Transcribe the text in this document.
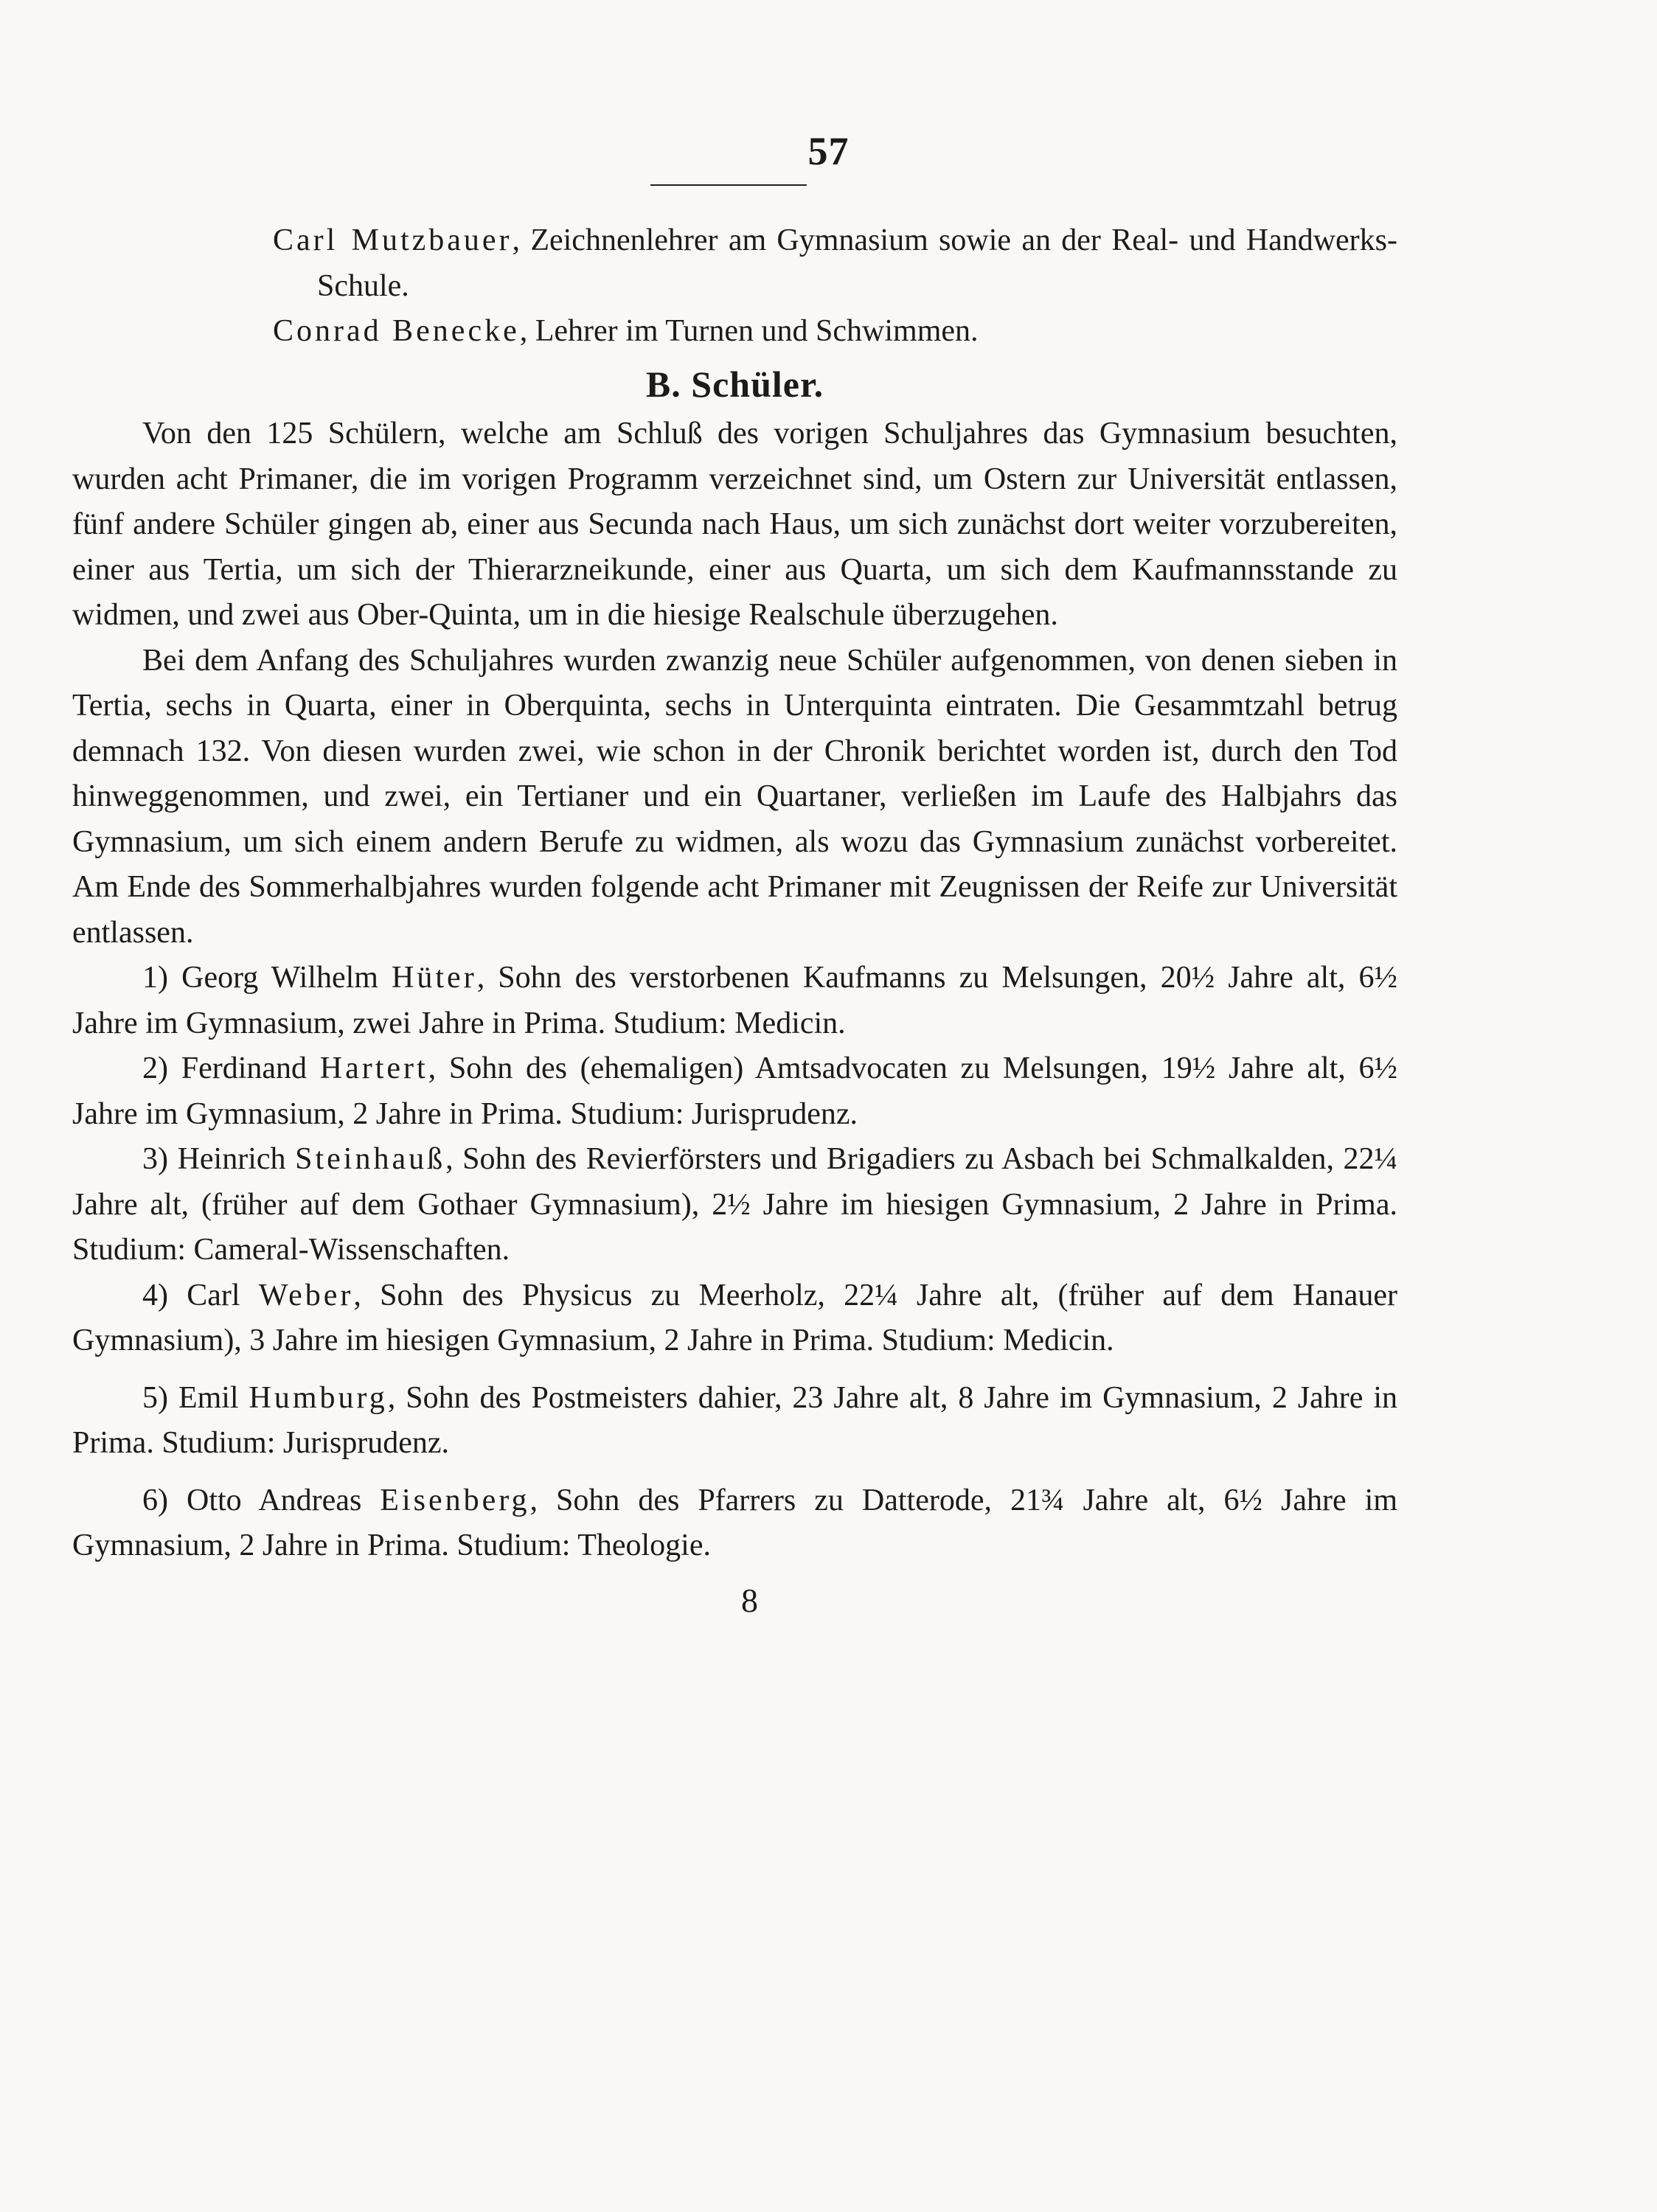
57

Carl Mutzbauer, Zeichnenlehrer am Gymnasium sowie an der Real- und Handwerks-Schule.

Conrad Benecke, Lehrer im Turnen und Schwimmen.

B. Schüler.

Von den 125 Schülern, welche am Schluß des vorigen Schuljahres das Gymnasium besuchten, wurden acht Primaner, die im vorigen Programm verzeichnet sind, um Ostern zur Universität entlassen, fünf andere Schüler gingen ab, einer aus Secunda nach Haus, um sich zunächst dort weiter vorzubereiten, einer aus Tertia, um sich der Thierarzneikunde, einer aus Quarta, um sich dem Kaufmannsstande zu widmen, und zwei aus Ober-Quinta, um in die hiesige Realschule überzugehen.

Bei dem Anfang des Schuljahres wurden zwanzig neue Schüler aufgenommen, von denen sieben in Tertia, sechs in Quarta, einer in Oberquinta, sechs in Unterquinta eintraten. Die Gesammtzahl betrug demnach 132. Von diesen wurden zwei, wie schon in der Chronik berichtet worden ist, durch den Tod hinweggenommen, und zwei, ein Tertianer und ein Quartaner, verließen im Laufe des Halbjahrs das Gymnasium, um sich einem andern Berufe zu widmen, als wozu das Gymnasium zunächst vorbereitet. Am Ende des Sommerhalbjahres wurden folgende acht Primaner mit Zeugnissen der Reife zur Universität entlassen.

1) Georg Wilhelm Hüter, Sohn des verstorbenen Kaufmanns zu Melsungen, 20½ Jahre alt, 6½ Jahre im Gymnasium, zwei Jahre in Prima. Studium: Medicin.

2) Ferdinand Hartert, Sohn des (ehemaligen) Amtsadvocaten zu Melsungen, 19½ Jahre alt, 6½ Jahre im Gymnasium, 2 Jahre in Prima. Studium: Jurisprudenz.

3) Heinrich Steinhauß, Sohn des Revierförsters und Brigadiers zu Asbach bei Schmalkalden, 22¼ Jahre alt, (früher auf dem Gothaer Gymnasium), 2½ Jahre im hiesigen Gymnasium, 2 Jahre in Prima. Studium: Cameral-Wissenschaften.

4) Carl Weber, Sohn des Physicus zu Meerholz, 22¼ Jahre alt, (früher auf dem Hanauer Gymnasium), 3 Jahre im hiesigen Gymnasium, 2 Jahre in Prima. Studium: Medicin.

5) Emil Humburg, Sohn des Postmeisters dahier, 23 Jahre alt, 8 Jahre im Gymnasium, 2 Jahre in Prima. Studium: Jurisprudenz.

6) Otto Andreas Eisenberg, Sohn des Pfarrers zu Datterode, 21¾ Jahre alt, 6½ Jahre im Gymnasium, 2 Jahre in Prima. Studium: Theologie.

8
